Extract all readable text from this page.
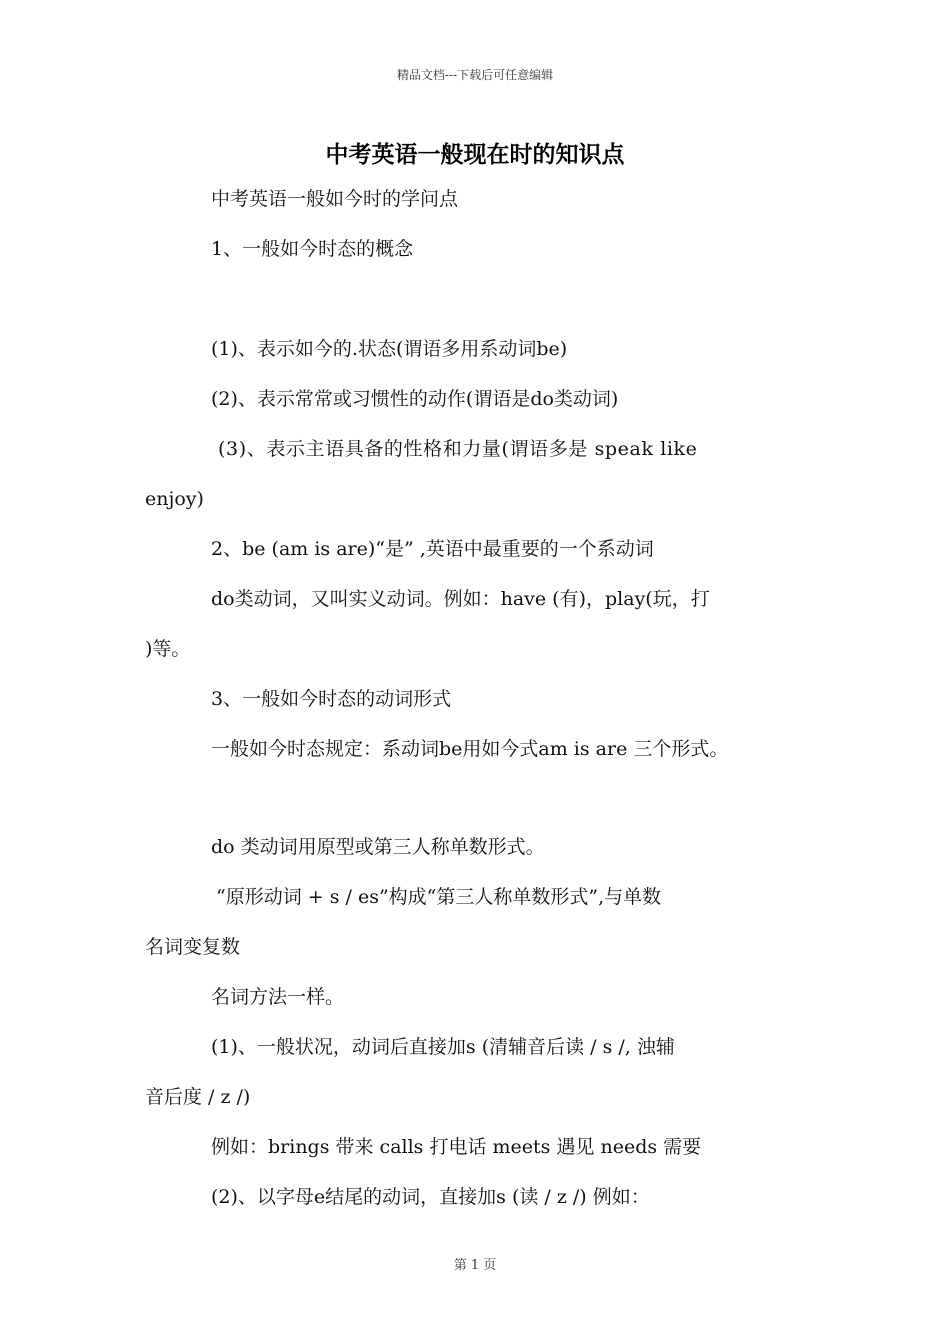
精品文档---下载后可任意编辑
中考英语一般现在时的知识点
中考英语一般如今时的学问点
1、一般如今时态的概念
(1)、表示如今的.状态(谓语多用系动词be)
(2)、表示常常或习惯性的动作(谓语是do类动词)
(3)、表示主语具备的性格和力量(谓语多是 speak like
enjoy)
2、be (am is are)“是” ,英语中最重要的一个系动词
do类动词，又叫实义动词。例如：have (有)，play(玩，打
)等。
3、一般如今时态的动词形式
一般如今时态规定：系动词be用如今式am is are 三个形式。
do 类动词用原型或第三人称单数形式。
“原形动词 + s / es”构成“第三人称单数形式”,与单数
名词变复数
名词方法一样。
(1)、一般状况，动词后直接加s (清辅音后读 / s /, 浊辅
音后度 / z /)
例如：brings 带来 calls 打电话 meets 遇见 needs 需要
(2)、以字母e结尾的动词，直接加s (读 / z /) 例如：
第 1 页
